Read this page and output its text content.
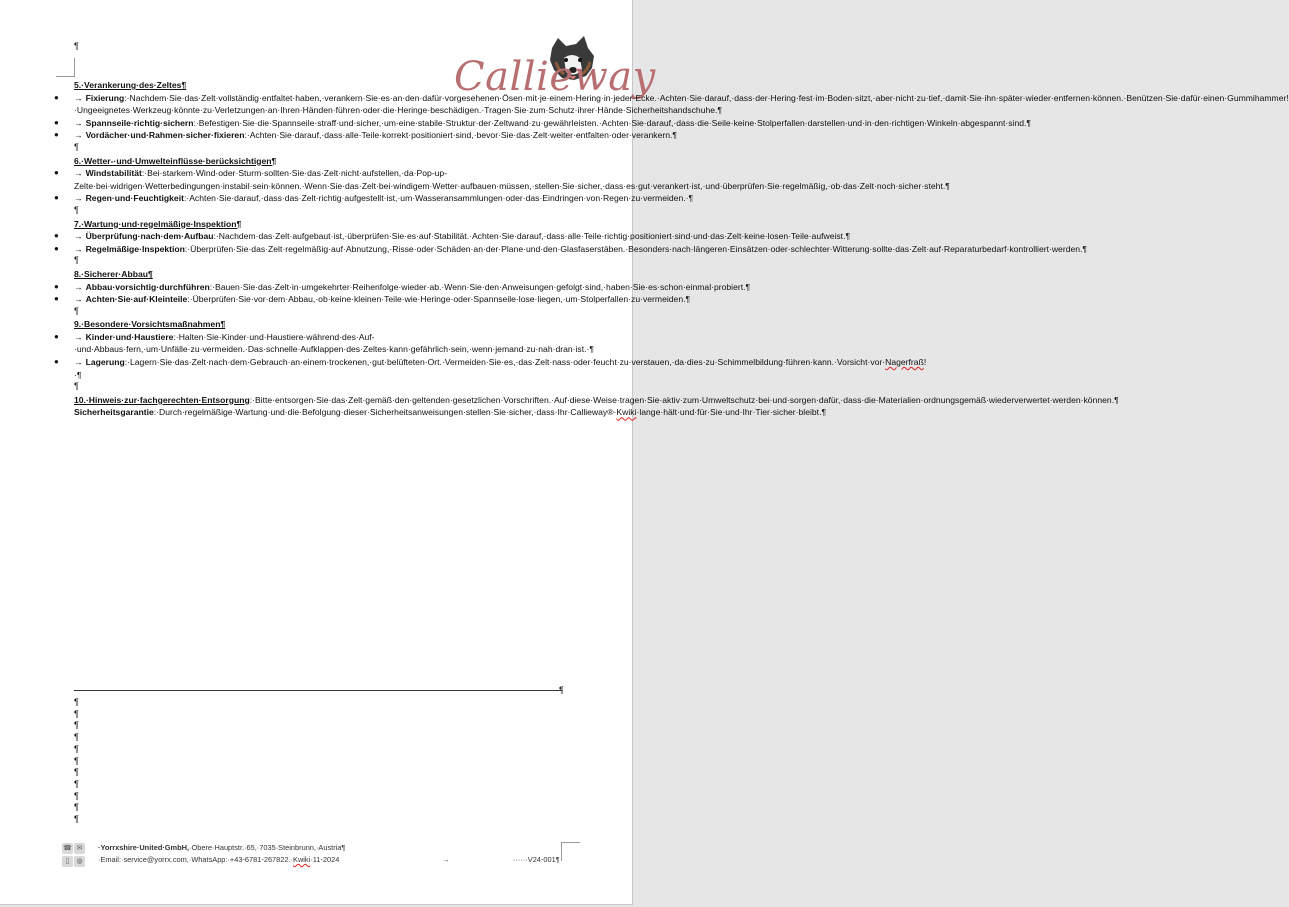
¶
Callieway
5.·Verankerung·des·Zeltes¶
● → Fixierung:·Nachdem·Sie·das·Zelt·vollständig·entfaltet·haben,·verankern·Sie·es·an·den·dafür·vorgesehenen·Ösen·mit·je·einem·Hering·in·jeder·Ecke.·Achten·Sie·darauf,·dass·der·Hering·fest·im·Boden·sitzt,·aber·nicht·zu·tief,·damit·Sie·ihn·später·wieder·entfernen·können.·Benützen·Sie·dafür·einen·Gummihammer!·Ungeeignetes·Werkzeug·könnte·zu·Verletzungen·an·Ihren·Händen·führen·oder·die·Heringe·beschädigen.·Tragen·Sie·zum·Schutz·ihrer·Hände·Sicherheitshandschuhe.¶
● → Spannseile·richtig·sichern:·Befestigen·Sie·die·Spannseile·straff·und·sicher,·um·eine·stabile·Struktur·der·Zeltwand·zu·gewährleisten.·Achten·Sie·darauf,·dass·die·Seile·keine·Stolperfallen·darstellen·und·in·den·richtigen·Winkeln·abgespannt·sind.¶
● → Vordächer·und·Rahmen·sicher·fixieren:·Achten·Sie·darauf,·dass·alle·Teile·korrekt·positioniert·sind,·bevor·Sie·das·Zelt·weiter·entfalten·oder·verankern.¶
¶
6.·Wetter-·und·Umwelteinflüsse·berücksichtigen¶
● → Windstabilität:·Bei·starkem·Wind·oder·Sturm·sollten·Sie·das·Zelt·nicht·aufstellen,·da·Pop-up-Zelte·bei·widrigen·Wetterbedingungen·instabil·sein·können.·Wenn·Sie·das·Zelt·bei·windigem·Wetter·aufbauen·müssen,·stellen·Sie·sicher,·dass·es·gut·verankert·ist,·und·überprüfen·Sie·regelmäßig,·ob·das·Zelt·noch·sicher·steht.¶
● → Regen·und·Feuchtigkeit:·Achten·Sie·darauf,·dass·das·Zelt·richtig·aufgestellt·ist,·um·Wasseransammlungen·oder·das·Eindringen·von·Regen·zu·vermeiden.·¶
¶
7.·Wartung·und·regelmäßige·Inspektion¶
● → Überprüfung·nach·dem·Aufbau:·Nachdem·das·Zelt·aufgebaut·ist,·überprüfen·Sie·es·auf·Stabilität.·Achten·Sie·darauf,·dass·alle·Teile·richtig·positioniert·sind·und·das·Zelt·keine·losen·Teile·aufweist.¶
● → Regelmäßige·Inspektion:·Überprüfen·Sie·das·Zelt·regelmäßig·auf·Abnutzung,·Risse·oder·Schäden·an·der·Plane·und·den·Glasfaserstäben.·Besonders·nach·längeren·Einsätzen·oder·schlechter·Witterung·sollte·das·Zelt·auf·Reparaturbedarf·kontrolliert·werden.¶
¶
8.·Sicherer·Abbau¶
● → Abbau·vorsichtig·durchführen:·Bauen·Sie·das·Zelt·in·umgekehrter·Reihenfolge·wieder·ab.·Wenn·Sie·den·Anweisungen·gefolgt·sind,·haben·Sie·es·schon·einmal·probiert.¶
● → Achten·Sie·auf·Kleinteile:·Überprüfen·Sie·vor·dem·Abbau,·ob·keine·kleinen·Teile·wie·Heringe·oder·Spannseile·lose·liegen,·um·Stolperfallen·zu·vermeiden.¶
¶
9.·Besondere·Vorsichtsmaßnahmen¶
● → Kinder·und·Haustiere:·Halten·Sie·Kinder·und·Haustiere·während·des·Auf-·und·Abbaus·fern,·um·Unfälle·zu·vermeiden.·Das·schnelle·Aufklappen·des·Zeltes·kann·gefährlich·sein,·wenn·jemand·zu·nah·dran·ist.·¶
● → Lagerung:·Lagern·Sie·das·Zelt·nach·dem·Gebrauch·an·einem·trockenen,·gut·belüfteten·Ort.·Vermeiden·Sie·es,·das·Zelt·nass·oder·feucht·zu·verstauen,·da·dies·zu·Schimmelbildung·führen·kann.·Vorsicht·vor·Nagerfraß!·¶
¶
10.·Hinweis·zur·fachgerechten·Entsorgung:·Bitte·entsorgen·Sie·das·Zelt·gemäß·den·geltenden·gesetzlichen·Vorschriften.·Auf·diese·Weise·tragen·Sie·aktiv·zum·Umweltschutz·bei·und·sorgen·dafür,·dass·die·Materialien·ordnungsgemäß·wiederverwertet·werden·können.¶
Sicherheitsgarantie:·Durch·regelmäßige·Wartung·und·die·Befolgung·dieser·Sicherheitsanweisungen·stellen·Sie·sicher,·dass·Ihr·Callieway®·Kwiki·lange·hält·und·für·Sie·und·Ihr·Tier·sicher·bleibt.¶
¶
¶
¶
¶
¶
¶
¶
¶
¶
¶
¶
¶
☎ ✉
▯ ◍
·Yorrxshire·United·GmbH,·Obere·Hauptstr.·65,·7035·Steinbrunn,·Austria¶
·Email:·service@yorrx.com,·WhatsApp:·+43-6781-267822.·Kwiki·11-2024	→	······V24-001¶
